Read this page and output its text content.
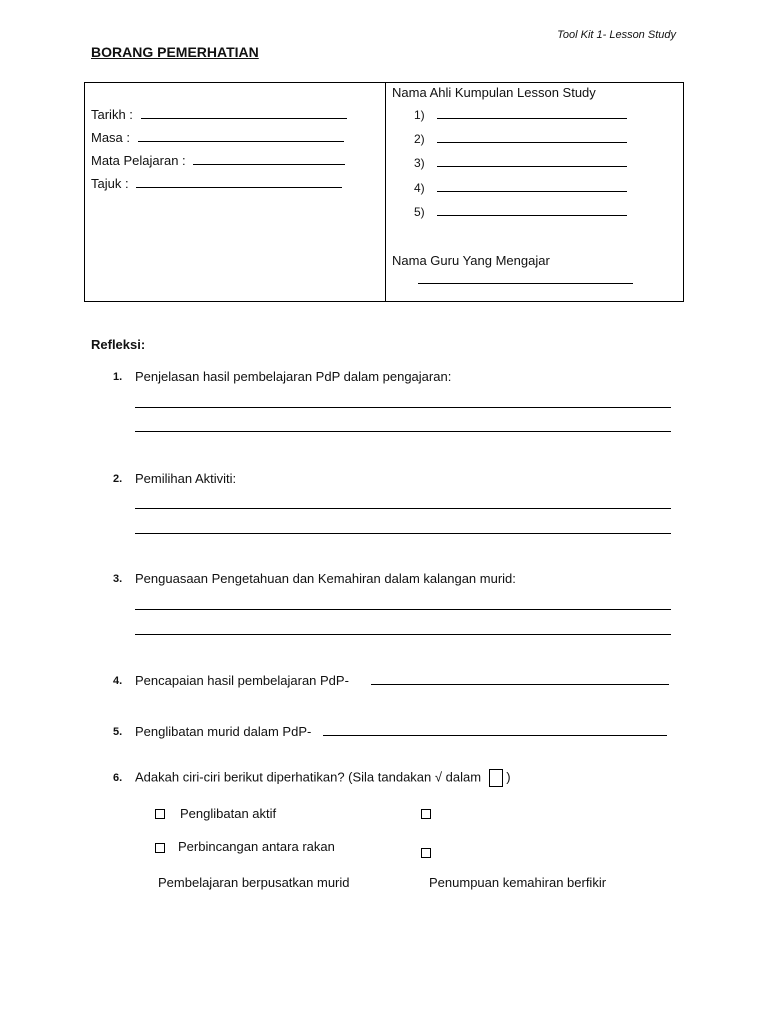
Tool Kit 1- Lesson Study
BORANG PEMERHATIAN
Tarikh :
Masa :
Mata Pelajaran :
Tajuk :
Nama Ahli Kumpulan Lesson Study
1)
2)
3)
4)
5)
Nama Guru Yang Mengajar
Refleksi:
1. Penjelasan hasil pembelajaran PdP dalam pengajaran:
2. Pemilihan Aktiviti:
3. Penguasaan Pengetahuan dan Kemahiran dalam kalangan murid:
4. Pencapaian hasil pembelajaran PdP-
5. Penglibatan murid dalam PdP-
6. Adakah ciri-ciri berikut diperhatikan? (Sila tandakan √ dalam )
Penglibatan aktif
Perbincangan antara rakan
Pembelajaran berpusatkan murid	Penumpuan kemahiran berfikir
